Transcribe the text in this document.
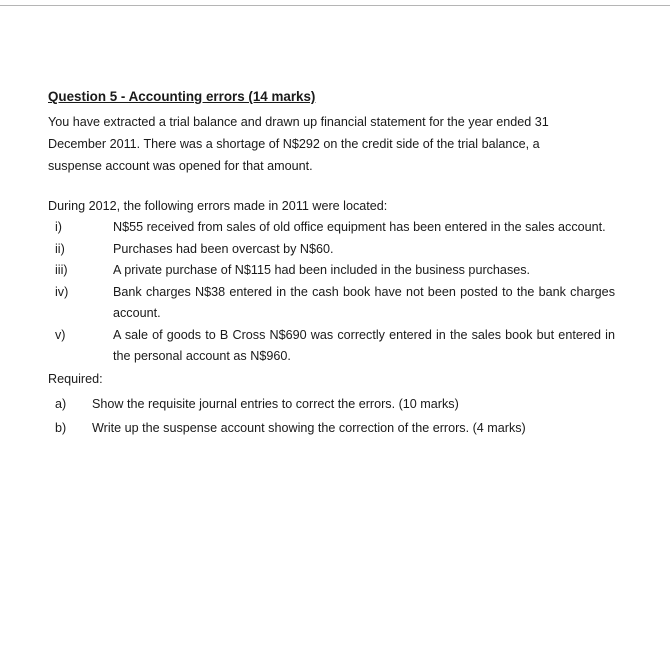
Question 5 - Accounting errors (14 marks)

You have extracted a trial balance and drawn up financial statement for the year ended 31

December 2011. There was a shortage of N$292 on the credit side of the trial balance, a

suspense account was opened for that amount.

During 2012, the following errors made in 2011 were located:
i)	N$55 received from sales of old office equipment has been entered in the sales account.
ii)	Purchases had been overcast by N$60.
iii)	A private purchase of N$115 had been included in the business purchases.
iv)	Bank charges N$38 entered in the cash book have not been posted to the bank charges account.
v)	A sale of goods to B Cross N$690 was correctly entered in the sales book but entered in the personal account as N$960.
Required:
a)	Show the requisite journal entries to correct the errors. (10 marks)
b)	Write up the suspense account showing the correction of the errors. (4 marks)
